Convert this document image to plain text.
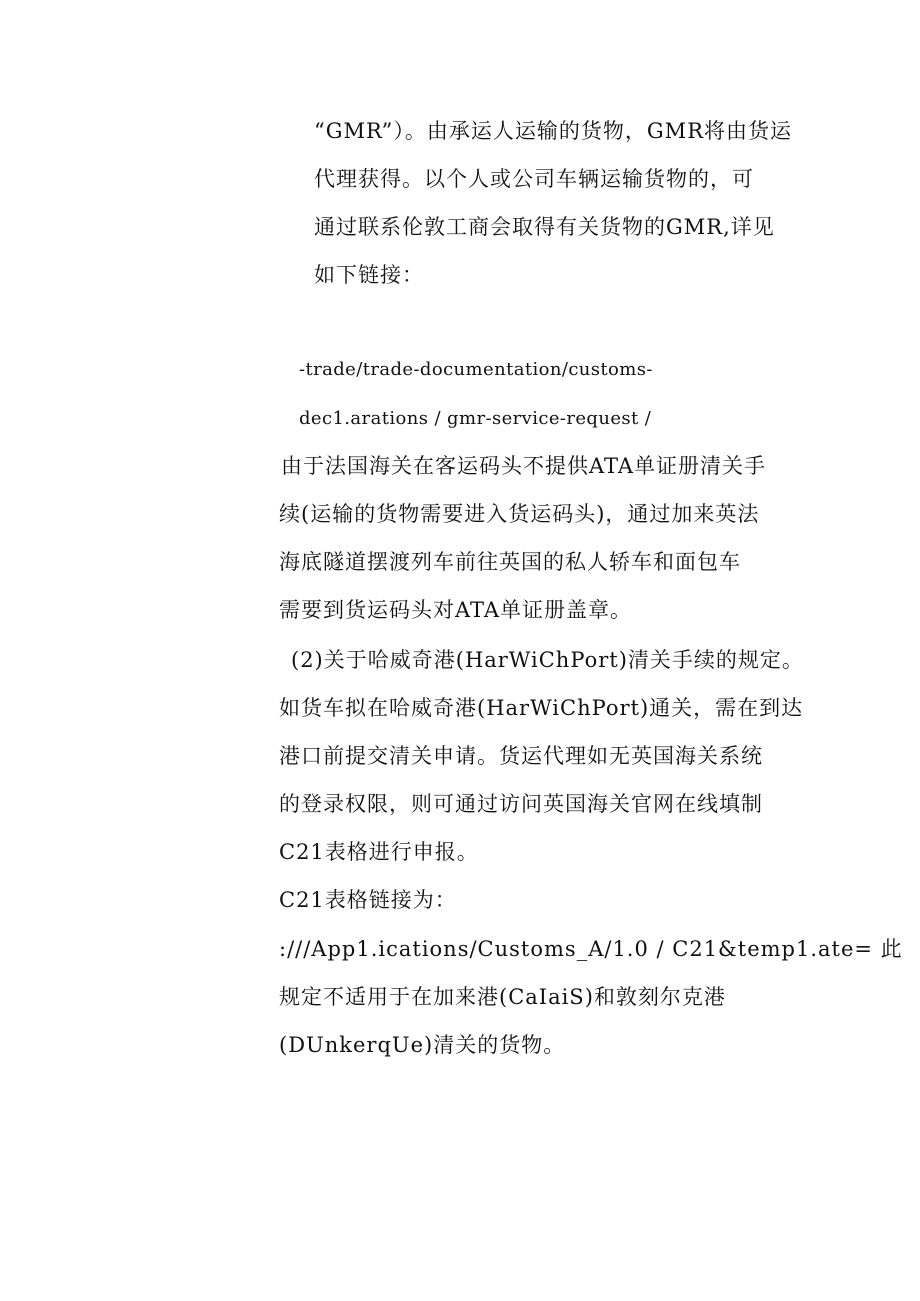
“GMR”）。由承运人运输的货物，GMR将由货运
代理获得。以个人或公司车辆运输货物的，可
通过联系伦敦工商会取得有关货物的GMR,详见
如下链接：
-trade/trade-documentation/customs-
dec1.arations / gmr-service-request /
由于法国海关在客运码头不提供ATA单证册清关手
续(运输的货物需要进入货运码头)，通过加来英法
海底隧道摆渡列车前往英国的私人轿车和面包车
需要到货运码头对ATA单证册盖章。
(2)关于哈威奇港(HarWiChPort)清关手续的规定。
如货车拟在哈威奇港(HarWiChPort)通关，需在到达
港口前提交清关申请。货运代理如无英国海关系统
的登录权限，则可通过访问英国海关官网在线填制
C21表格进行申报。
C21表格链接为：
:///App1.ications/Customs_A/1.0 / C21&temp1.ate= 此
规定不适用于在加来港(CaIaiS)和敦刻尔克港
(DUnkerqUe)清关的货物。
